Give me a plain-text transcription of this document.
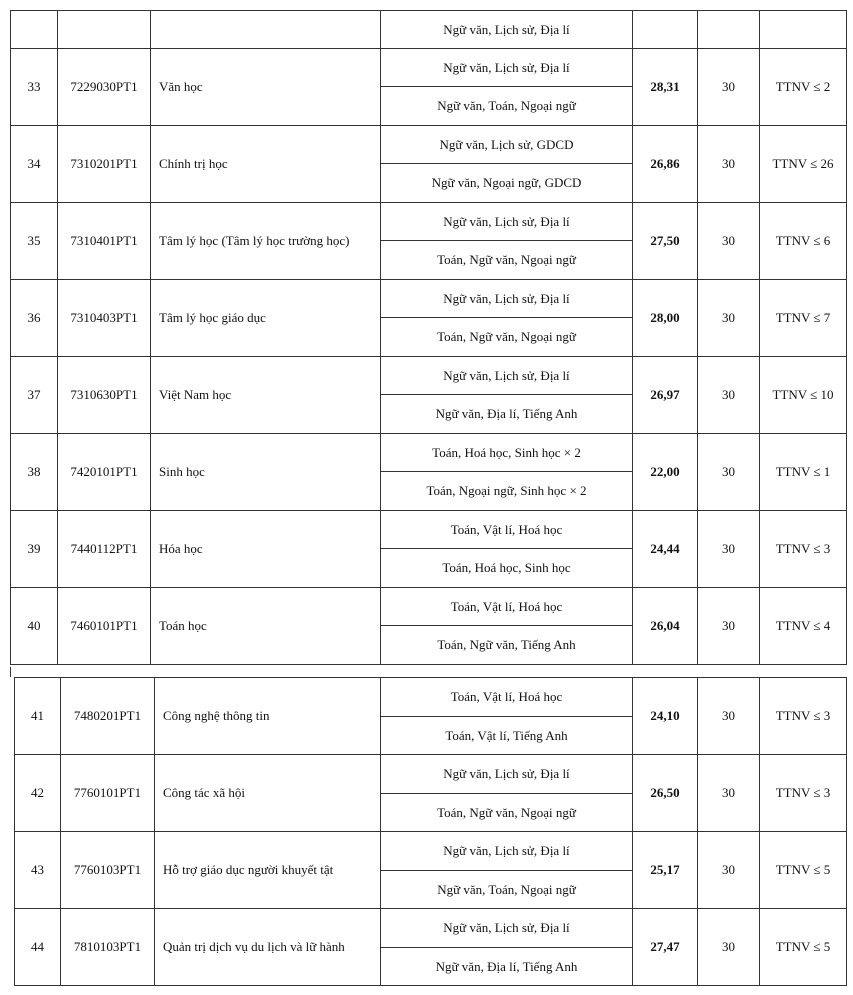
			Ngữ văn, Lịch sử, Địa lí			
33	7229030PT1	Văn học	Ngữ văn, Lịch sử, Địa lí	28,31	30	TTNV ≤ 2
			Ngữ văn, Toán, Ngoại ngữ			
34	7310201PT1	Chính trị học	Ngữ văn, Lịch sử, GDCD	26,86	30	TTNV ≤ 26
			Ngữ văn, Ngoại ngữ, GDCD			
35	7310401PT1	Tâm lý học (Tâm lý học trường học)	Ngữ văn, Lịch sử, Địa lí	27,50	30	TTNV ≤ 6
			Toán, Ngữ văn, Ngoại ngữ			
36	7310403PT1	Tâm lý học giáo dục	Ngữ văn, Lịch sử, Địa lí	28,00	30	TTNV ≤ 7
			Toán, Ngữ văn, Ngoại ngữ			
37	7310630PT1	Việt Nam học	Ngữ văn, Lịch sử, Địa lí	26,97	30	TTNV ≤ 10
			Ngữ văn, Địa lí, Tiếng Anh			
38	7420101PT1	Sinh học	Toán, Hoá học, Sinh học × 2	22,00	30	TTNV ≤ 1
			Toán, Ngoại ngữ, Sinh học × 2			
39	7440112PT1	Hóa học	Toán, Vật lí, Hoá học	24,44	30	TTNV ≤ 3
			Toán, Hoá học, Sinh học			
40	7460101PT1	Toán học	Toán, Vật lí, Hoá học	26,04	30	TTNV ≤ 4
			Toán, Ngữ văn, Tiếng Anh			
41	7480201PT1	Công nghệ thông tin	Toán, Vật lí, Hoá học	24,10	30	TTNV ≤ 3
			Toán, Vật lí, Tiếng Anh			
42	7760101PT1	Công tác xã hội	Ngữ văn, Lịch sử, Địa lí	26,50	30	TTNV ≤ 3
			Toán, Ngữ văn, Ngoại ngữ			
43	7760103PT1	Hỗ trợ giáo dục người khuyết tật	Ngữ văn, Lịch sử, Địa lí	25,17	30	TTNV ≤ 5
			Ngữ văn, Toán, Ngoại ngữ			
44	7810103PT1	Quản trị dịch vụ du lịch và lữ hành	Ngữ văn, Lịch sử, Địa lí	27,47	30	TTNV ≤ 5
			Ngữ văn, Địa lí, Tiếng Anh			
